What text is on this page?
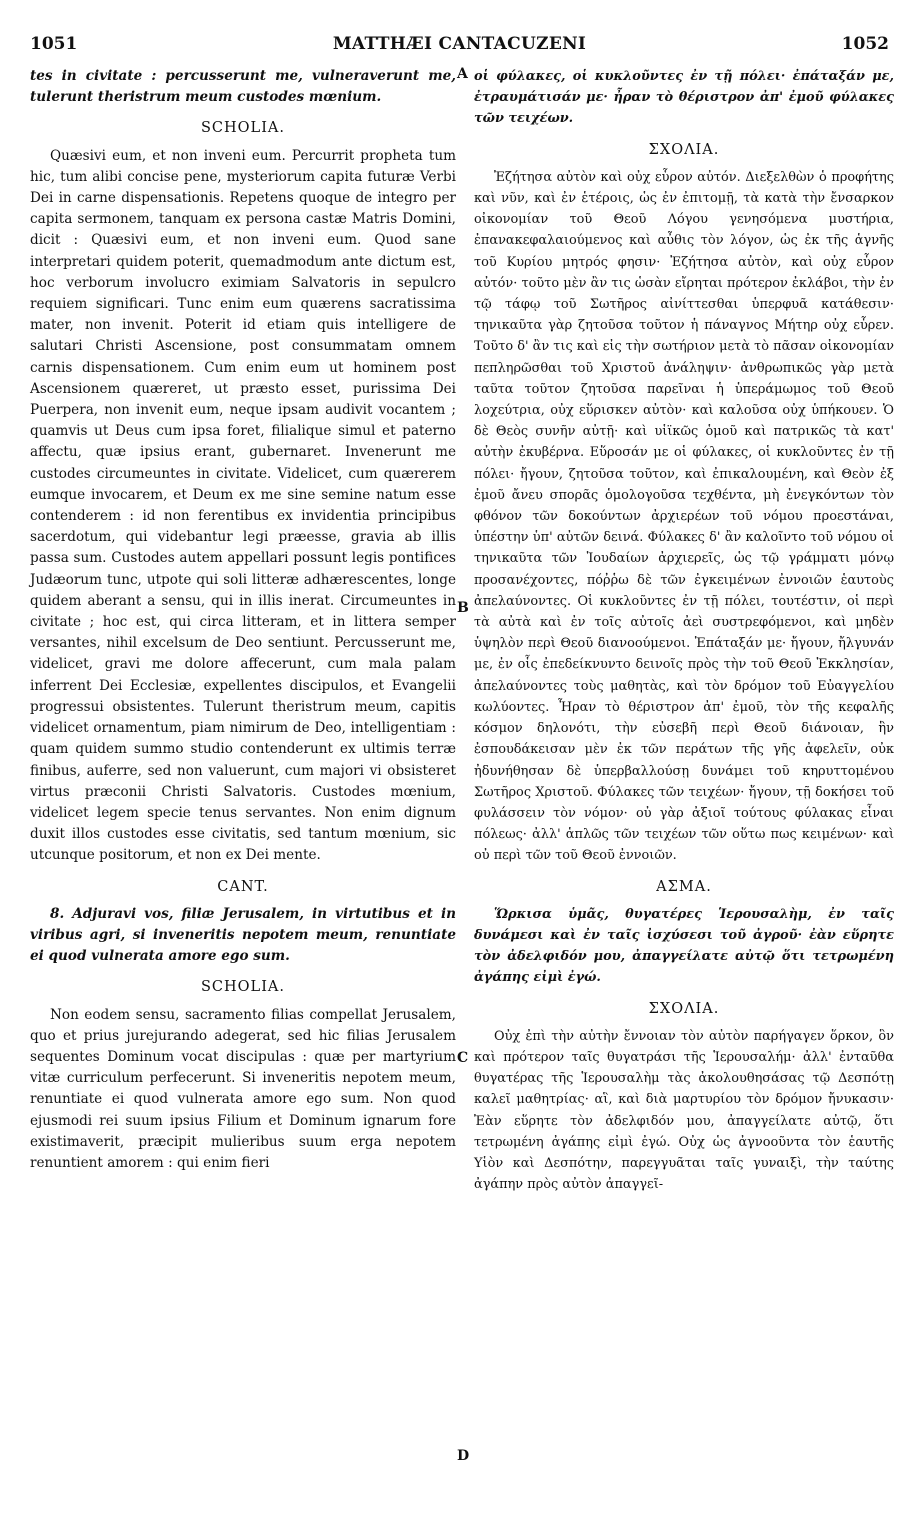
1051	MATTHÆI CANTACUZENI	1052
A
B
C
D

tes in civitate : percusserunt me, vulneraverunt me, tulerunt theristrum meum custodes mœnium.

SCHOLIA.

Quæsivi eum, et non inveni eum. Percurrit propheta tum hic, tum alibi concise pene, mysteriorum capita futuræ Verbi Dei in carne dispensationis. Repetens quoque de integro per capita sermonem, tanquam ex persona castæ Matris Domini, dicit : Quæsivi eum, et non inveni eum. Quod sane interpretari quidem poterit, quemadmodum ante dictum est, hoc verborum involucro eximiam Salvatoris in sepulcro requiem significari. Tunc enim eum quærens sacratissima mater, non invenit. Poterit id etiam quis intelligere de salutari Christi Ascensione, post consummatam omnem carnis dispensationem. Cum enim eum ut hominem post Ascensionem quæreret, ut præsto esset, purissima Dei Puerpera, non invenit eum, neque ipsam audivit vocantem ; quamvis ut Deus cum ipsa foret, filialique simul et paterno affectu, quæ ipsius erant, gubernaret. Invenerunt me custodes circumeuntes in civitate. Videlicet, cum quærerem eumque invocarem, et Deum ex me sine semine natum esse contenderem : id non ferentibus ex invidentia principibus sacerdotum, qui videbantur legi præesse, gravia ab illis passa sum. Custodes autem appellari possunt legis pontifices Judæorum tunc, utpote qui soli litteræ adhærescentes, longe quidem aberant a sensu, qui in illis inerat. Circumeuntes in civitate ; hoc est, qui circa litteram, et in littera semper versantes, nihil excelsum de Deo sentiunt. Percusserunt me, videlicet, gravi me dolore affecerunt, cum mala palam inferrent Dei Ecclesiæ, expellentes discipulos, et Evangelii progressui obsistentes. Tulerunt theristrum meum, capitis videlicet ornamentum, piam nimirum de Deo, intelligentiam : quam quidem summo studio contenderunt ex ultimis terræ finibus, auferre, sed non valuerunt, cum majori vi obsisteret virtus præconii Christi Salvatoris. Custodes mœnium, videlicet legem specie tenus servantes. Non enim dignum duxit illos custodes esse civitatis, sed tantum mœnium, sic utcunque positorum, et non ex Dei mente.

CANT.

8. Adjuravi vos, filiæ Jerusalem, in virtutibus et in viribus agri, si inveneritis nepotem meum, renuntiate ei quod vulnerata amore ego sum.

SCHOLIA.

Non eodem sensu, sacramento filias compellat Jerusalem, quo et prius jurejurando adegerat, sed hic filias Jerusalem sequentes Dominum vocat discipulas : quæ per martyrium vitæ curriculum perfecerunt. Si inveneritis nepotem meum, renuntiate ei quod vulnerata amore ego sum. Non quod ejusmodi rei suum ipsius Filium et Dominum ignarum fore existimaverit, præcipit mulieribus suum erga nepotem renuntient amorem : qui enim fieri

οἱ φύλακες, οἱ κυκλοῦντες ἐν τῇ πόλει· ἐπάταξάν με, ἐτραυμάτισάν με· ἦραν τὸ θέριστρον ἀπ' ἐμοῦ φύλακες τῶν τειχέων.

ΣΧΟΛΙΑ.

Ἐζήτησα αὐτὸν καὶ οὐχ εὗρον αὐτόν. Διεξελθὼν ὁ προφήτης καὶ νῦν, καὶ ἐν ἑτέροις, ὡς ἐν ἐπιτομῇ, τὰ κατὰ τὴν ἔνσαρκον οἰκονομίαν τοῦ Θεοῦ Λόγου γενησόμενα μυστήρια, ἐπανακεφαλαιούμενος καὶ αὖθις τὸν λόγον, ὡς ἐκ τῆς ἁγνῆς τοῦ Κυρίου μητρός φησιν· Ἐζήτησα αὐτὸν, καὶ οὐχ εὗρον αὐτόν· τοῦτο μὲν ἂν τις ὡσὰν εἴρηται πρότερον ἐκλάβοι, τὴν ἐν τῷ τάφῳ τοῦ Σωτῆρος αἰνίττεσθαι ὑπερφυᾶ κατάθεσιν· τηνικαῦτα γὰρ ζητοῦσα τοῦτον ἡ πάναγνος Μήτηρ οὐχ εὗρεν. Τοῦτο δ' ἂν τις καὶ εἰς τὴν σωτήριον μετὰ τὸ πᾶσαν οἰκονομίαν πεπληρῶσθαι τοῦ Χριστοῦ ἀνάληψιν· ἀνθρωπικῶς γὰρ μετὰ ταῦτα τοῦτον ζητοῦσα παρεῖναι ἡ ὑπεράμωμος τοῦ Θεοῦ λοχεύτρια, οὐχ εὕρισκεν αὐτὸν· καὶ καλοῦσα οὐχ ὑπήκουεν. Ὁ δὲ Θεὸς συνῆν αὐτῇ· καὶ υἱϊκῶς ὁμοῦ καὶ πατρικῶς τὰ κατ' αὐτὴν ἐκυβέρνα. Εὕροσάν με οἱ φύλακες, οἱ κυκλοῦντες ἐν τῇ πόλει· ἤγουν, ζητοῦσα τοῦτον, καὶ ἐπικαλουμένη, καὶ Θεὸν ἐξ ἐμοῦ ἄνευ σπορᾶς ὁμολογοῦσα τεχθέντα, μὴ ἐνεγκόντων τὸν φθόνον τῶν δοκούντων ἀρχιερέων τοῦ νόμου προεστάναι, ὑπέστην ὑπ' αὐτῶν δεινά. Φύλακες δ' ἂν καλοῖντο τοῦ νόμου οἱ τηνικαῦτα τῶν Ἰουδαίων ἀρχιερεῖς, ὡς τῷ γράμματι μόνῳ προσανέχοντες, πόῤῥω δὲ τῶν ἐγκειμένων ἐννοιῶν ἑαυτοὺς ἀπελαύνοντες. Οἱ κυκλοῦντες ἐν τῇ πόλει, τουτέστιν, οἱ περὶ τὰ αὐτὰ καὶ ἐν τοῖς αὐτοῖς ἀεὶ συστρεφόμενοι, καὶ μηδὲν ὑψηλὸν περὶ Θεοῦ διανοούμενοι. Ἐπάταξάν με· ἤγουν, ἤλγυνάν με, ἐν οἷς ἐπεδείκνυντο δεινοῖς πρὸς τὴν τοῦ Θεοῦ Ἐκκλησίαν, ἀπελαύνοντες τοὺς μαθητὰς, καὶ τὸν δρόμον τοῦ Εὐαγγελίου κωλύοντες. Ἦραν τὸ θέριστρον ἀπ' ἐμοῦ, τὸν τῆς κεφαλῆς κόσμον δηλονότι, τὴν εὐσεβῆ περὶ Θεοῦ διάνοιαν, ἣν ἐσπουδάκεισαν μὲν ἐκ τῶν περάτων τῆς γῆς ἀφελεῖν, οὐκ ἠδυνήθησαν δὲ ὑπερβαλλούσῃ δυνάμει τοῦ κηρυττομένου Σωτῆρος Χριστοῦ. Φύλακες τῶν τειχέων· ἤγουν, τῇ δοκήσει τοῦ φυλάσσειν τὸν νόμον· οὐ γὰρ ἀξιοῖ τούτους φύλακας εἶναι πόλεως· ἀλλ' ἁπλῶς τῶν τειχέων τῶν οὕτω πως κειμένων· καὶ οὐ περὶ τῶν τοῦ Θεοῦ ἐννοιῶν.

ΑΣΜΑ.

Ὥρκισα ὑμᾶς, θυγατέρες Ἱερουσαλὴμ, ἐν ταῖς δυνάμεσι καὶ ἐν ταῖς ἰσχύσεσι τοῦ ἀγροῦ· ἐὰν εὕρητε τὸν ἀδελφιδόν μου, ἀπαγγείλατε αὐτῷ ὅτι τετρωμένη ἀγάπης εἰμὶ ἐγώ.

ΣΧΟΛΙΑ.

Οὐχ ἐπὶ τὴν αὐτὴν ἔννοιαν τὸν αὐτὸν παρήγαγεν ὅρκον, ὃν καὶ πρότερον ταῖς θυγατράσι τῆς Ἱερουσαλήμ· ἀλλ' ἐνταῦθα θυγατέρας τῆς Ἱερουσαλὴμ τὰς ἀκολουθησάσας τῷ Δεσπότῃ καλεῖ μαθητρίας· αἳ, καὶ διὰ μαρτυρίου τὸν δρόμον ἤνυκασιν· Ἐὰν εὕρητε τὸν ἀδελφιδόν μου, ἀπαγγείλατε αὐτῷ, ὅτι τετρωμένη ἀγάπης εἰμὶ ἐγώ. Οὐχ ὡς ἀγνοοῦντα τὸν ἑαυτῆς Υἱὸν καὶ Δεσπότην, παρεγγυᾶται ταῖς γυναιξὶ, τὴν ταύτης ἀγάπην πρὸς αὐτὸν ἀπαγγεῖ-
